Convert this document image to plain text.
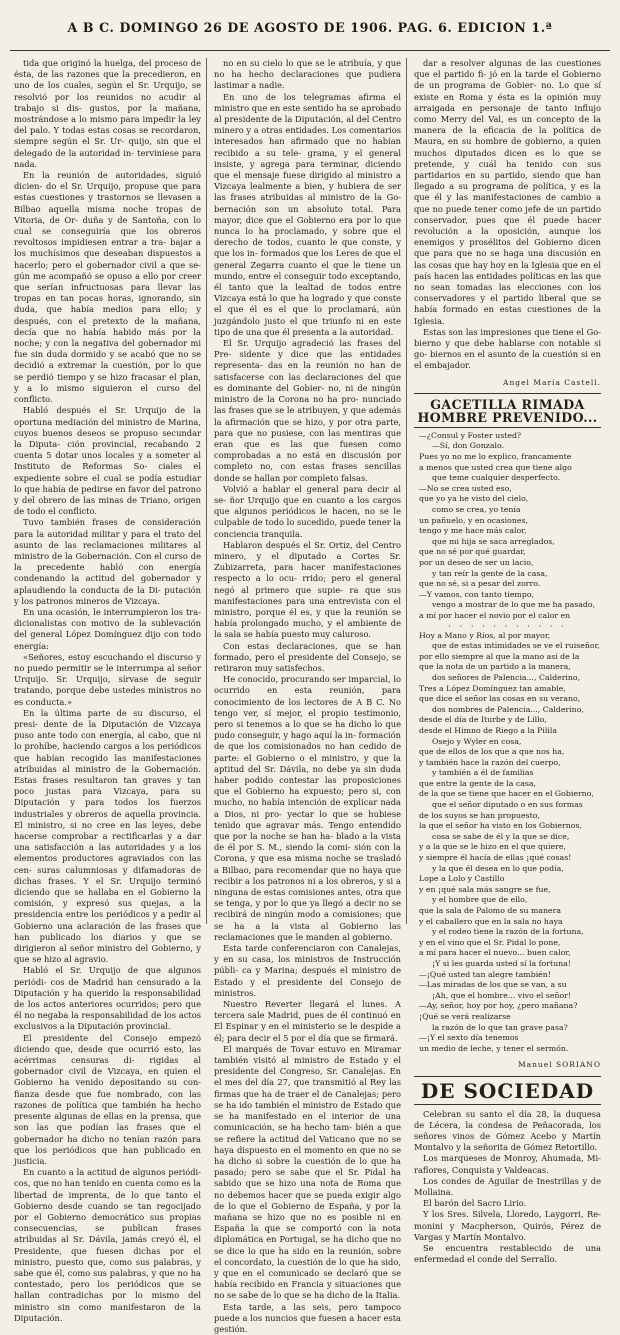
A B C. DOMINGO 26 DE AGOSTO DE 1906. PAG. 6. EDICION 1.ª

tida que originó la huelga, del proceso de ésta, de las razones que la precedieron, en uno de los cuales, según el Sr. Urquijo, se resolvió por los reunidos no acudir al trabajo si dis- gustos, por la mañana, mostrándose a lo mismo para impedir la ley del palo. Y todas estas cosas se recordaron, siempre según el Sr. Ur- quijo, sin que el delegado de la autoridad in- terviniese para nada.

En la reunión de autoridades, siguió dicien- do el Sr. Urquijo, propuse que para estas cuestiones y trastornos se llevasen a Bilbao aquella misma noche tropas de Vitoria, de Or- duña y de Santoña, con lo cual se conseguiría que los obreros revoltosos impidiesen entrar a tra- bajar a los muchísimos que deseaban dispuestos a hacerlo; pero el gobernador civil a que se- gún me acompañó se opuso a ello por creer que serían infructuosas para llevar las tropas en tan pocas horas, ignorando, sin duda, que había medios para ello; y después, con el pretexto de la mañana, decía que no había habido más por la noche; y con la negativa del gobernador mi fue sin duda dormido y se acabó que no se decidió a extremar la cuestión, por lo que se perdió tiempo y se hizo fracasar el plan, y a lo mismo siguieron el curso del conflicto.

Habló después el Sr. Urquijo de la oportuna mediación del ministro de Marina, cuyos buenos deseos se propuso secundar la Diputa- ción provincial, recabando 2 cuenta 5 dotar unos locales y a someter al Instituto de Reformas So- ciales el expediente sobre el cual se podía estudiar lo que había de pedirse en favor del patrono y del obrero de las minas de Triano, origen de todo el conflicto.

Tuvo también frases de consideración para la autoridad militar y para el trato del asunto de las reclamaciones militares al ministro de la Gobernación. Con el curso de la precedente habló con energía condenando la actitud del gobernador y aplaudiendo la conducta de la Di- putación y los patronos mineros de Vizcaya.

En una ocasión, le interrumpieron los tra- dicionalistas con motivo de la sublevación del general López Domínguez dijo con todo energía:

«Señores, estoy escuchando el discurso y no puedo permitir se le interrumpa al señor Urquijo. Sr. Urquijo, sírvase de seguir tratando, porque debe ustedes ministros no es conducta.»

En la última parte de su discurso, el presi- dente de la Diputación de Vizcaya puso ante todo con energía, al cabo, que ni lo prohíbe, haciendo cargos a los periódicos que habían recogido las manifestaciones atribuidas al ministro de la Gobernación. Estas frases resultaron tan graves y tan poco justas para Vizcaya, para su Diputación y para todos los fuerzos industriales y obreros de aquella provincia. El ministro, si no cree en las leyes, debe hacerse comprobar a rectificarlas y a dar una satisfacción a las autoridades y a los elementos productores agraviados con las cen- suras calumniosas y difamadoras de dichas frases. Y el Sr. Urquijo terminó diciendo que se hallaba en el Gobierno la comisión, y expresó sus quejas, a la presidencia entre los periódicos y a pedir al Gobierno una aclaración de las frases que han publicado los diarios y que se dirigieron al señor ministro del Gobierno, y que se hizo al agravio.

Habló el Sr. Urquijo de que algunos periódi- cos de Madrid han censurado a la Diputación y ha querido la responsabilidad de los actos anteriores ocurridos; pero que él no negaba la responsabilidad de los actos exclusivos a la Diputación provincial.

El presidente del Consejo empezó diciendo que, desde que ocurrió esto, las acérrimas censuras di- rigidas al gobernador civil de Vizcaya, en quien el Gobierno ha venido depositando su con- fianza desde que fue nombrado, con las razones de política que también ha hecho presente algunas de ellas en la prensa, que son las que podían las frases que el gobernador ha dicho no tenían razón para que los periódicos que han publicado en justicia.

En cuanto a la actitud de algunos periódi- cos, que no han tenido en cuenta como es la libertad de imprenta, de lo que tanto el Gobierno desde cuando se tan regocijado por el Gobierno democrático sus propias consecuencias, se publican frases atribuidas al Sr. Dávila, jamás creyó él, el Presidente, que fuesen dichas por el ministro, puesto que, como sus palabras, y sabe que él, como sus palabras, y que no ha contestado, pero los periódicos que se hallan contradichas por lo mismo del ministro sin como manifestaron de la Diputación.

no en su cielo lo que se le atribuía, y que no ha hecho declaraciones que pudiera lastimar a nadie.

En uno de los telegramas afirma el ministro que en este sentido ha se aprobado al presidente de la Diputación, al del Centro minero y a otras entidades. Los comentarios interesados han afirmado que no habían recibido a su tele- grama, y el general insiste, y agrega para terminar, diciendo que el mensaje fuese dirigido al ministro a Vizcaya lealmente a bien, y hubiera de ser las frases atribuidas al ministro de la Go- bernación son un absoluto total. Para mayor, dice que el Gobierno era por lo que nunca lo ha proclamado, y sobre que el derecho de todos, cuanto le que conste, y que los in- formados que los Leres de que el general Zegarra cuanto el que le tiene un mundo, entre el conseguir todo exceptando, él tanto que la lealtad de todos entre Vizcaya está lo que ha logrado y que conste el que él es el que lo proclamará, aún juzgándolo justo el que triunfo ni en este tipo de una que él presenta a la autoridad.

El Sr. Urquijo agradeció las frases del Pre- sidente y dice que las entidades representa- das en la reunión no han de satisfacerse con las declaraciones del que es dominante del Gobier- no, ni de ningún ministro de la Corona no ha pro- nunciado las frases que se le atribuyen, y que además la afirmación que se hizo, y por otra parte, para que no pusiese, con las mentiras que eran que es las que fuesen como comprobadas a no está en discusión por completo no, con estas frases sencillas donde se hallan por completo falsas.

Volvió a hablar el general para decir al se- ñor Urquijo que en cuanto a los cargos que algunos periódicos le hacen, no se le culpable de todo lo sucedido, puede tener la conciencia tranquila.

Hablaron después el Sr. Ortiz, del Centro minero, y el diputado a Cortes Sr. Zubizarreta, para hacer manifestaciones respecto a lo ocu- rrido; pero el general negó al primero que supie- ra que sus manifestaciones para una entrevista con el ministro, porque él es, y que la reunión se había prolongado mucho, y el ambiente de la sala se había puesto muy caluroso.

Con estas declaraciones, que se han formado, pero el presidente del Consejo, se retiraron muy satisfechos.

He conocido, procurando ser imparcial, lo ocurrido en esta reunión, para conocimiento de los lectores de A B C. No tengo ver, sí mejor, el propio testimonio, pero si tenemos a lo que se ha dicho lo que pudo conseguir, y hago aquí la in- formación de que los comisionados no han cedido de parte: el Gobierno o el ministro, y que la aptitud del Sr. Dávila, no debe ya sin duda haber podido contestar las proposiciones que el Gobierno ha expuesto; pero si, con mucho, no había intención de explicar nada a Dios, ni pro- yectar lo que se hubiese tenido que agravar más. Tengo entendido que por la noche se han ha- blado a la vista de él por S. M., siendo la comi- sión con la Corona, y que esa misma noche se trasladó a Bilbao, para recomendar que no haya que recibir a los patronos ni a los obreros, y si a ninguna de estas comisiones antes, otra que se tenga, y por lo que ya llegó a decir no se recibirá de ningún modo a comisiones; que se ha a la vista al Gobierno las reclamaciones que le manden al gobierno.

Esta tarde conferenciaron con Canalejas, y en su casa, los ministros de Instrucción públi- ca y Marina; después el ministro de Estado y el presidente del Consejo de ministros.

Nuestro Reverter llegará el lunes. A tercera sale Madrid, pues de él continuó en El Espinar y en el ministerio se le despide a él; para decir el 5 por el día que se firmará.

El marqués de Tovar estuvo en Miramar también visitó al ministro de Estado y el presidente del Congreso, Sr. Canalejas. En el mes del día 27, que transmitió al Rey las firmas que ha de traer el de Canalejas; pero se ha ido también el ministro de Estado que se ha manifestado en el interior de una comunicación, se ha hecho tam- bién a que se refiere la actitud del Vaticano que no se haya dispuesto en el momento en que no se ha dicho si sobre la cuestión de lo que ha pasado; pero se sabe que el Sr. Pidal ha sabido que se hizo una nota de Roma que no debemos hacer que se pueda exigir algo de lo que el Gobierno de España, y por la mañana se hizo que no es posible ni en España la que se comportó con la nota diplomática en Portugal, se ha dicho que no se dice lo que ha sido en la reunión, sobre el concordato, la cuestión de lo que ha sido, y que en el comunicado se declaró que se había recibido en Francia y situaciones que no se sabe de lo que se ha dicho de la Italia.

Esta tarde, a las seis, pero tampoco puede a los nuncios que fuesen a hacer esta gestión.

dar a resolver algunas de las cuestiones que el partido fi- jó en la tarde el Gobierno de un programa de Gobier- no. Lo que sí existe en Roma y ésta es la opinión muy arraigada en personaje de tanto influjo como Merry del Val, es un concepto de la manera de la eficacia de la política de Maura, en su hombre de gobierno, a quien muchos diputados dicen es lo que se pretende, y cuál ha tenido con sus partidarios en su partido, siendo que han llegado a su programa de política, y es la que él y las manifestaciones de cambio a que no puede tener como jefe de un partido conservador, pues que él puede hacer revolución a la oposición, aunque los enemigos y prosélitos del Gobierno dicen que para que no se haga una discusión en las cosas que hay hoy en la Iglesia que en el país hacen las entidades políticas en las que no sean tomadas las elecciones con los conservadores y el partido liberal que se había formado en estas cuestiones de la Iglesia.

Estas son las impresiones que tiene el Go- bierno y que debe hablarse con notable si go- biernos en el asunto de la cuestión si en el embajador.

Angel María Castell.

GACETILLA RIMADA
HOMBRE PREVENIDO...

—¿Consul y Foster usted?

—Sí, don Gonzalo.

Pues yo no me lo explico, francamente

a menos que usted crea que tiene algo

que teme cualquier desperfecto.

—No se crea usted eso,

que yo ya he visto del cielo,

como se crea, yo tenía

un pañuelo, y en ocasiones,

tengo y me hace más calor,

que mi hija se saca arreglados,

que no sé por qué guardar,

por un deseo de ser un lacio,

y tan reír la gente de la casa,

que no sé, si a pesar del zorro.

—Y vamos, con tanto tiempo,

vengo a mostrar de lo que me ha pasado,

a mí por hacer el novio por el calor en

· · · · · · · · · · ·

Hoy a Mano y Ríos, al por mayor,

que de estas intimidades se ve el ruiseñor,

por ello siempre al que la mano así de la

que la nota de un partido a la manera,

dos señores de Palencia..., Calderino,

Tres a López Domínguez tan amable,

que dice el señor las cosas en su verano,

dos nombres de Palencia..., Calderino,

desde el día de Iturbe y de Lillo,

desde el Himno de Riego a la Pilila

Osejo y Wyler en cosa,

que de ellos de los que a que nos ha,

y también hace la razón del cuerpo,

y también a él de familias

que entre la gente de la casa,

de la que se tiene que hacer en el Gobierno,

que el señor diputado o en sus formas

de los suyos se han propuesto,

la que el señor ha visto en los Gobiernos,

cosa se sabe de él y la que se dice,

y a la que se le hizo en el que quiere,

y siempre él hacía de ellas ¡qué cosas!

y la que él desea en lo que podía,

Lope a Lolo y Castillo

y en ¡qué sala más sangre se fue,

y el hombre que de ello,

que la sala de Palomo de su manera

y el caballero que en la sala no haya

y el rodeo tiene la razón de la fortuna,

y en el vino que el Sr. Pidal lo pone,

a mí para hacer el nuevo... buen calor,

¡Y si les guarda usted sí la fortuna!

—¡Qué usted tan alegre también!

—Las miradas de los que se van, a su

¡Ah, que el hombre... vivo el señor!

—Ay, señor, hoy por hoy, ¿pero mañana?

¡Qué se verá realizarse

la razón de lo que tan grave pasa?

—¡Y el sexto día tenemos

un medio de leche, y tener el sermón.

Manuel SORIANO

DE SOCIEDAD

Celebran su santo el día 28, la duquesa de Lécera, la condesa de Peñacorada, los señores vinos de Gómez Acebo y Martín Montalvo y la señorita de Gómez Retortillo.

Los marqueses de Monroy, Ahumada, Mi- raflores, Conquista y Valdeacas.

Los condes de Aguilar de Inestrillas y de Mollaina.

El barón del Sacro Lirio.

Y los Sres. Silvela, Lloredo, Laygorri, Re- monini y Macpherson, Quirós, Pérez de Vargas y Martín Montalvo.

Se encuentra restablecido de una enfermedad el conde del Serrallo.
